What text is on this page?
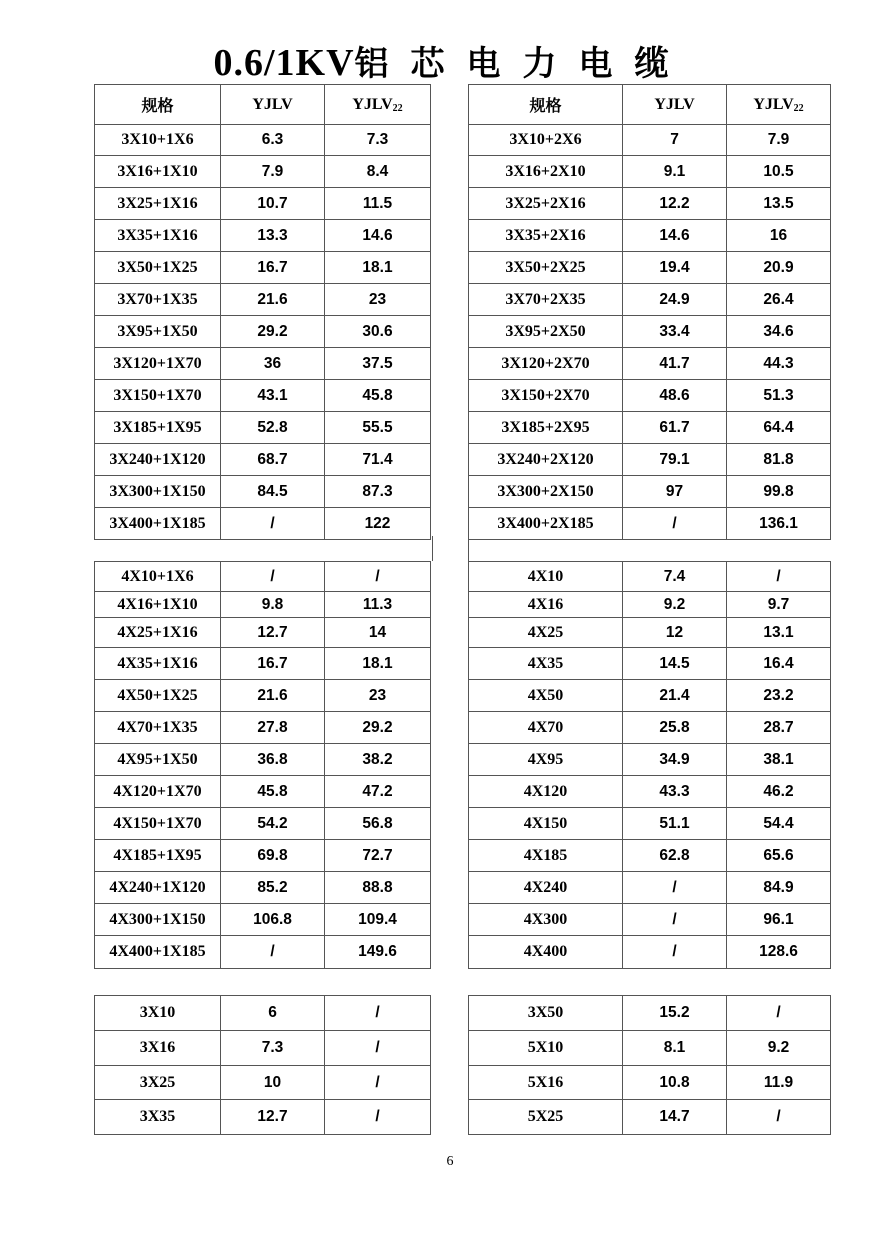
0.6/1KV铝芯电力电缆
规格	YJLV	$YJLV_{22}$
3X10+1X6	6.3	7.3
3X16+1X10	7.9	8.4
3X25+1X16	10.7	11.5
3X35+1X16	13.3	14.6
3X50+1X25	16.7	18.1
3X70+1X35	21.6	23
3X95+1X50	29.2	30.6
3X120+1X70	36	37.5
3X150+1X70	43.1	45.8
3X185+1X95	52.8	55.5
3X240+1X120	68.7	71.4
3X300+1X150	84.5	87.3
3X400+1X185	/	122
规格	YJLV	$YJLV_{22}$
3X10+2X6	7	7.9
3X16+2X10	9.1	10.5
3X25+2X16	12.2	13.5
3X35+2X16	14.6	16
3X50+2X25	19.4	20.9
3X70+2X35	24.9	26.4
3X95+2X50	33.4	34.6
3X120+2X70	41.7	44.3
3X150+2X70	48.6	51.3
3X185+2X95	61.7	64.4
3X240+2X120	79.1	81.8
3X300+2X150	97	99.8
3X400+2X185	/	136.1
4X10+1X6	/	/
4X16+1X10	9.8	11.3
4X25+1X16	12.7	14
4X35+1X16	16.7	18.1
4X50+1X25	21.6	23
4X70+1X35	27.8	29.2
4X95+1X50	36.8	38.2
4X120+1X70	45.8	47.2
4X150+1X70	54.2	56.8
4X185+1X95	69.8	72.7
4X240+1X120	85.2	88.8
4X300+1X150	106.8	109.4
4X400+1X185	/	149.6
4X10	7.4	/
4X16	9.2	9.7
4X25	12	13.1
4X35	14.5	16.4
4X50	21.4	23.2
4X70	25.8	28.7
4X95	34.9	38.1
4X120	43.3	46.2
4X150	51.1	54.4
4X185	62.8	65.6
4X240	/	84.9
4X300	/	96.1
4X400	/	128.6
3X10	6	/
3X16	7.3	/
3X25	10	/
3X35	12.7	/
3X50	15.2	/
5X10	8.1	9.2
5X16	10.8	11.9
5X25	14.7	/
6
